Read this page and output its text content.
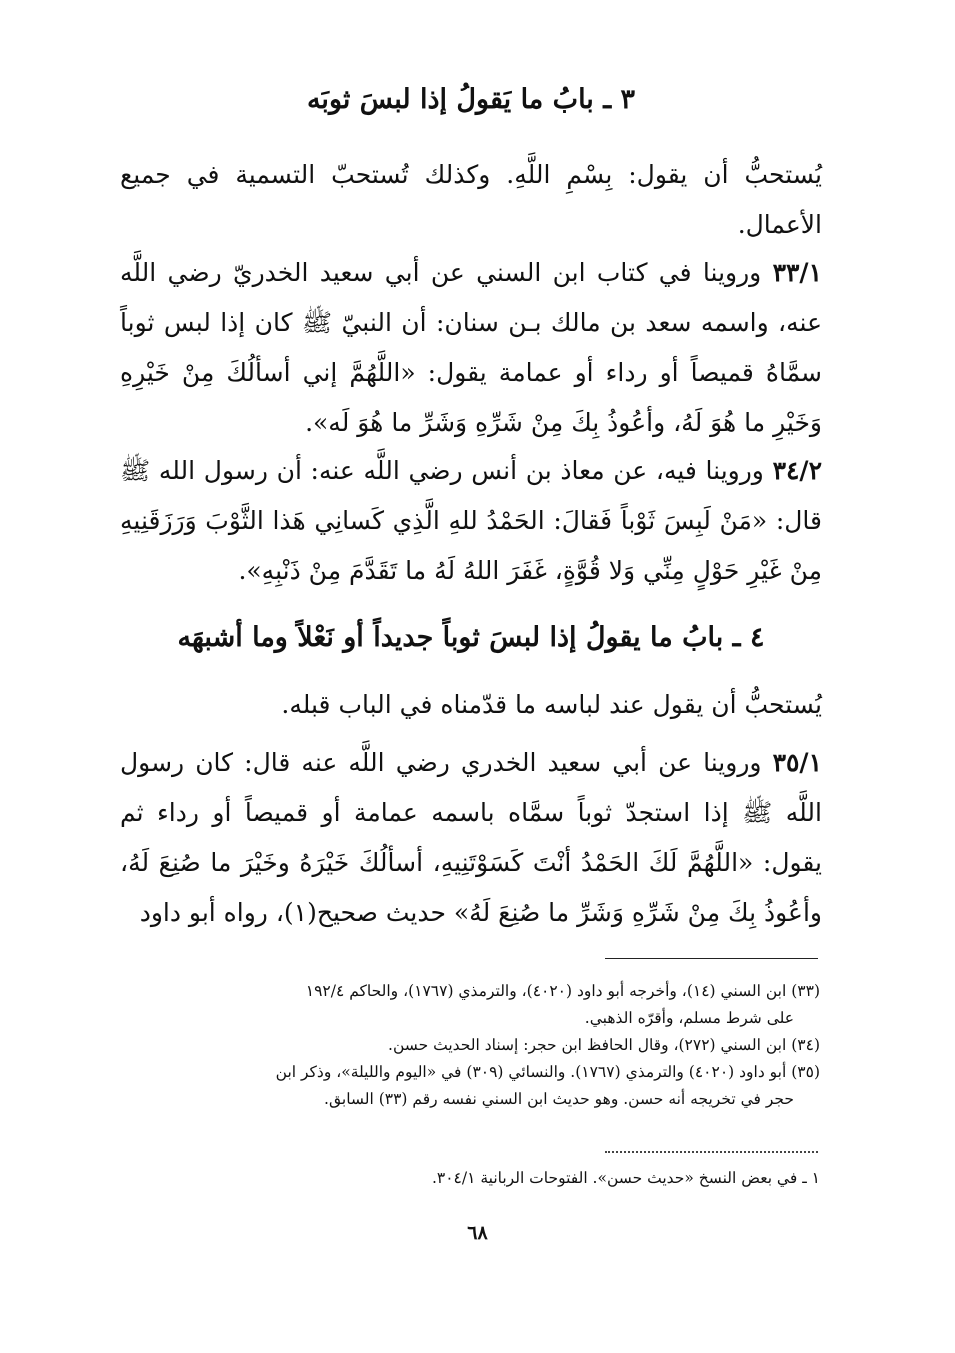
٣ ـ بابُ ما يَقولُ إذا لبسَ ثوبَه

يُستحبُّ أن يقول: بِسْمِ اللَّهِ. وكذلك تُستحبّ التسمية في جميع الأعمال.

٣٣/١ وروينا في كتاب ابن السني عن أبي سعيد الخدريّ رضي اللَّه عنه، واسمه سعد بن مالك بـن سنان: أن النبيّ ﷺ كان إذا لبس ثوباً سمَّاهُ قميصاً أو رداء أو عمامة يقول: «اللَّهُمَّ إني أسألُكَ مِنْ خَيْرِهِ وَخَيْرِ ما هُوَ لَهُ، وأعُوذُ بِكَ مِنْ شَرِّهِ وَشَرِّ ما هُوَ لَه».

٣٤/٢ وروينا فيه، عن معاذ بن أنس رضي اللَّه عنه: أن رسول الله ﷺ قال: «مَنْ لَبِسَ ثَوْباً فَقالَ: الحَمْدُ للهِ الَّذِي كَسانِي هَذا الثَّوْبَ وَرَزَقَنِيهِ مِنْ غَيْرِ حَوْلٍ مِنِّي وَلا قُوَّةٍ، غَفَرَ اللهُ لَهُ ما تَقَدَّمَ مِنْ ذَنْبِهِ».

٤ ـ بابُ ما يقولُ إذا لبسَ ثوباً جديداً أو نَعْلاً وما أشبهَه

يُستحبُّ أن يقول عند لباسه ما قدّمناه في الباب قبله.

٣٥/١ وروينا عن أبي سعيد الخدري رضي اللَّه عنه قال: كان رسول اللَّه ﷺ إذا استجدّ ثوباً سمَّاه باسمه عمامة أو قميصاً أو رداء ثم يقول: «اللَّهُمَّ لَكَ الحَمْدُ أنْتَ كَسَوْتَنِيهِ، أسألُكَ خَيْرَهُ وخَيْرَ ما صُنِعَ لَهُ، وأعُوذُ بِكَ مِنْ شَرِّهِ وَشَرِّ ما صُنِعَ لَهُ» حديث صحيح(١)، رواه أبو داود

(٣٣) ابن السني (١٤)، وأخرجه أبو داود (٤٠٢٠)، والترمذي (١٧٦٧)، والحاكم ١٩٢/٤
على شرط مسلم، وأقرّه الذهبي.

(٣٤) ابن السني (٢٧٢)، وقال الحافظ ابن حجر: إسناد الحديث حسن.

(٣٥) أبو داود (٤٠٢٠) والترمذي (١٧٦٧). والنسائي (٣٠٩) في «اليوم والليلة»، وذكر ابن
حجر في تخريجه أنه حسن. وهو حديث ابن السني نفسه رقم (٣٣) السابق.

١ ـ في بعض النسخ «حديث حسن». الفتوحات الربانية ٣٠٤/١.

٦٨
